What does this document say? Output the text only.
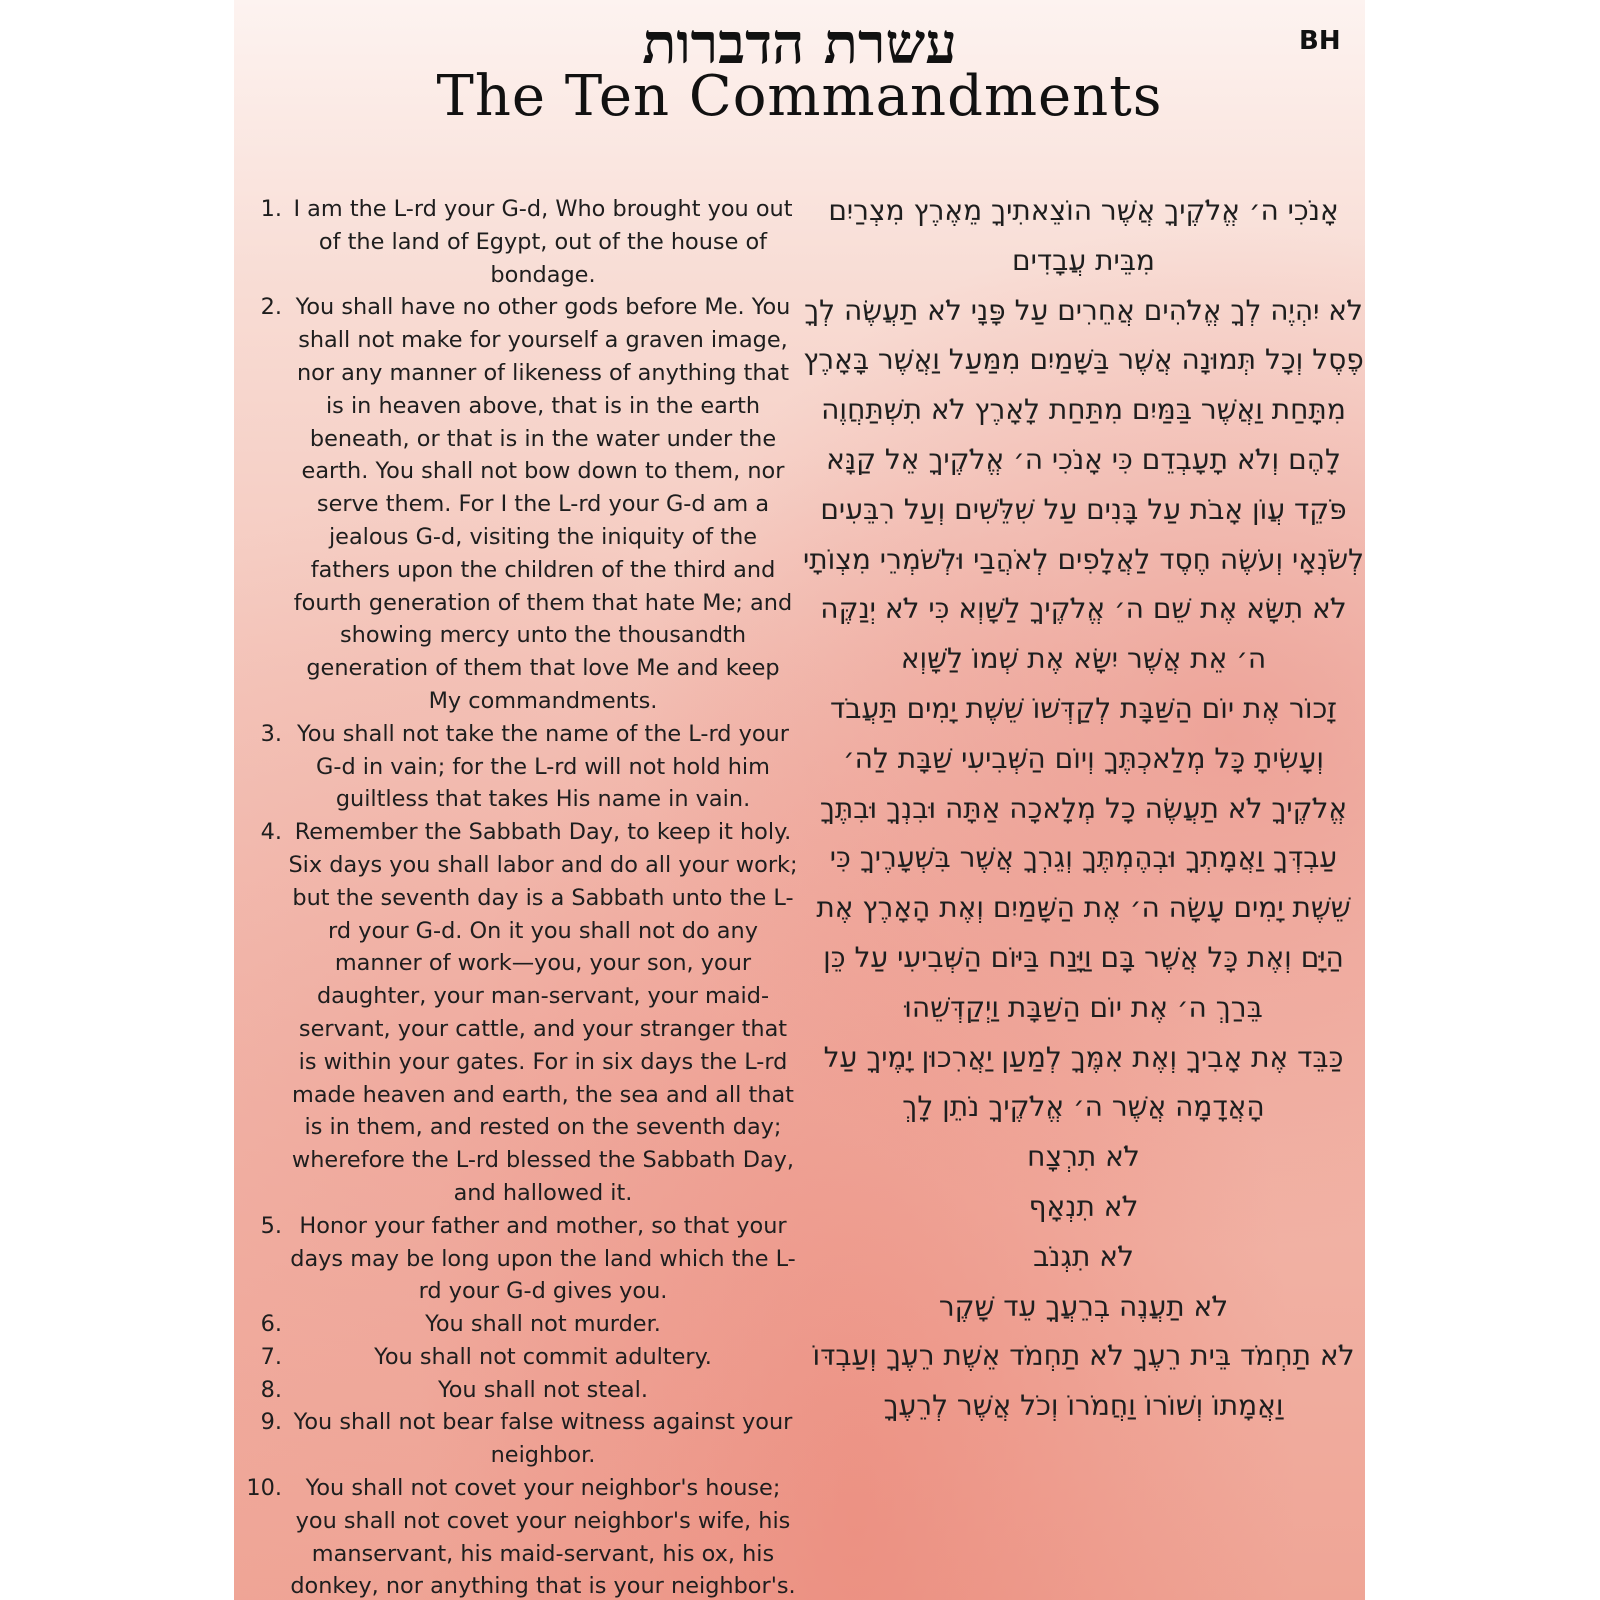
עשרת הדברות
The Ten Commandments
BH
1. I am the L-rd your G-d, Who brought you out of the land of Egypt, out of the house of bondage.
2. You shall have no other gods before Me. You shall not make for yourself a graven image, nor any manner of likeness of anything that is in heaven above, that is in the earth beneath, or that is in the water under the earth. You shall not bow down to them, nor serve them. For I the L-rd your G-d am a jealous G-d, visiting the iniquity of the fathers upon the children of the third and fourth generation of them that hate Me; and showing mercy unto the thousandth generation of them that love Me and keep My commandments.
3. You shall not take the name of the L-rd your G-d in vain; for the L-rd will not hold him guiltless that takes His name in vain.
4. Remember the Sabbath Day, to keep it holy. Six days you shall labor and do all your work; but the seventh day is a Sabbath unto the L-rd your G-d. On it you shall not do any manner of work—you, your son, your daughter, your man-servant, your maid-servant, your cattle, and your stranger that is within your gates. For in six days the L-rd made heaven and earth, the sea and all that is in them, and rested on the seventh day; wherefore the L-rd blessed the Sabbath Day, and hallowed it.
5. Honor your father and mother, so that your days may be long upon the land which the L-rd your G-d gives you.
6.	You shall not murder.
7.	You shall not commit adultery.
8.	You shall not steal.
9. You shall not bear false witness against your neighbor.
10.	You shall not covet your neighbor's house; you shall not covet your neighbor's wife, his manservant, his maid-servant, his ox, his donkey, nor anything that is your neighbor's.

אָנֹכִי ה׳ אֱלֹקֶיךָ אֲשֶׁר הוֹצֵאתִיךָ מֵאֶרֶץ מִצְרַיִם מִבֵּית עֲבָדִים

לֹא יִהְיֶה לְךָ אֱלֹהִים אֲחֵרִים עַל פָּנָי לֹא תַעֲשֶׂה לְךָ פֶסֶל וְכָל תְּמוּנָה אֲשֶׁר בַּשָּׁמַיִם מִמַּעַל וַאֲשֶׁר בָּאָרֶץ מִתָּחַת וַאֲשֶׁר בַּמַּיִם מִתַּחַת לָאָרֶץ לֹא תִשְׁתַּחֲוֶה לָהֶם וְלֹא תָעָבְדֵם כִּי אָנֹכִי ה׳ אֱלֹקֶיךָ אֵל קַנָּא פֹּקֵד עֲוֹן אָבֹת עַל בָּנִים עַל שִׁלֵּשִׁים וְעַל רִבֵּעִים לְשֹׂנְאָי וְעֹשֶׂה חֶסֶד לַאֲלָפִים לְאֹהֲבַי וּלְשֹׁמְרֵי מִצְוֹתָי

לֹא תִשָּׂא אֶת שֵׁם ה׳ אֱלֹקֶיךָ לַשָּׁוְא כִּי לֹא יְנַקֶּה ה׳ אֵת אֲשֶׁר יִשָּׂא אֶת שְׁמוֹ לַשָּׁוְא

זָכוֹר אֶת יוֹם הַשַּׁבָּת לְקַדְּשׁוֹ שֵׁשֶׁת יָמִים תַּעֲבֹד וְעָשִׂיתָ כָּל מְלַאכְתֶּךָ וְיוֹם הַשְּׁבִיעִי שַׁבָּת לַה׳ אֱלֹקֶיךָ לֹא תַעֲשֶׂה כָל מְלָאכָה אַתָּה וּבִנְךָ וּבִתֶּךָ עַבְדְּךָ וַאֲמָתְךָ וּבְהֶמְתֶּךָ וְגֵרְךָ אֲשֶׁר בִּשְׁעָרֶיךָ כִּי שֵׁשֶׁת יָמִים עָשָׂה ה׳ אֶת הַשָּׁמַיִם וְאֶת הָאָרֶץ אֶת הַיָּם וְאֶת כָּל אֲשֶׁר בָּם וַיָּנַח בַּיּוֹם הַשְּׁבִיעִי עַל כֵּן בֵּרַךְ ה׳ אֶת יוֹם הַשַּׁבָּת וַיְקַדְּשֵׁהוּ

כַּבֵּד אֶת אָבִיךָ וְאֶת אִמֶּךָ לְמַעַן יַאֲרִכוּן יָמֶיךָ עַל הָאֲדָמָה אֲשֶׁר ה׳ אֱלֹקֶיךָ נֹתֵן לָךְ

לֹא תִרְצָח

לֹא תִנְאָף

לֹא תִגְנֹב

לֹא תַעֲנֶה בְרֵעֲךָ עֵד שָׁקֶר

לֹא תַחְמֹד בֵּית רֵעֶךָ לֹא תַחְמֹד אֵשֶׁת רֵעֶךָ וְעַבְדּוֹ וַאֲמָתוֹ וְשׁוֹרוֹ וַחֲמֹרוֹ וְכֹל אֲשֶׁר לְרֵעֶךָ
